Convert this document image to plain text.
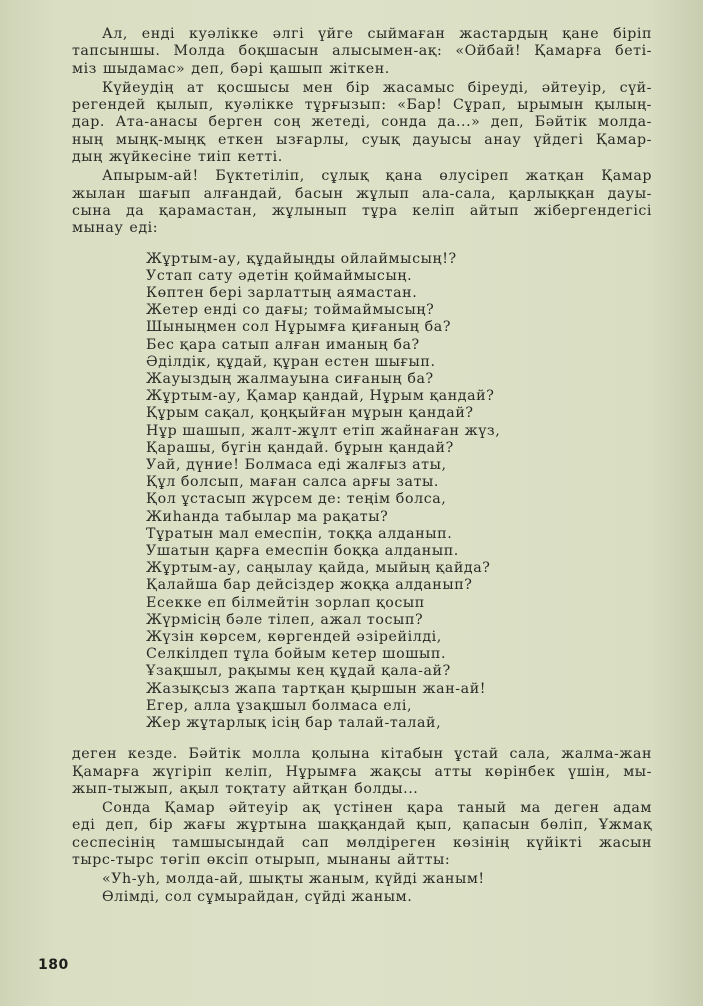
Ал, енді куәлікке әлгі үйге сыймаған жастардың қане біріп
тапсыншы. Молда боқшасын алысымен-ақ: «Ойбай! Қамарға беті-
міз шыдамас» деп, бәрі қашып жіткен.

Күйеудің ат қосшысы мен бір жасамыс біреуді, әйтеуір, сүй-
регендей қылып, куәлікке тұрғызып: «Бар! Сұрап, ырымын қылың-
дар. Ата-анасы берген соң жетеді, сонда да...» деп, Бәйтік молда-
ның мыңқ-мыңқ еткен ызғарлы, суық дауысы анау үйдегі Қамар-
дың жүйкесіне тиіп кетті.

Апырым-ай! Бүктетіліп, сұлық қана өлусіреп жатқан Қамар
жылан шағып алғандай, басын жұлып ала-сала, қарлыққан дауы-
сына да қарамастан, жұлынып тұра келіп айтып жібергендегісі
мынау еді:

Жұртым-ау, құдайыңды ойлаймысың!?
Устап сату әдетін қоймаймысың.
Көптен бері зарлаттың аямастан.
Жетер енді со дағы; тоймаймысың?
Шыныңмен сол Нұрымға қиғаның ба?
Бес қара сатып алған иманың ба?
Әділдік, құдай, құран естен шығып.
Жауыздың жалмауына сиғаның ба?
Жұртым-ау, Қамар қандай, Нұрым қандай?
Құрым сақал, қоңқыйған мұрын қандай?
Нұр шашып, жалт-жұлт етіп жайнаған жүз,
Қарашы, бүгін қандай. бұрын қандай?
Уай, дүние! Болмаса еді жалғыз аты,
Құл болсып, маған салса арғы заты.
Қол ұстасып жүрсем де: теңім болса,
Жиһанда табылар ма рақаты?
Тұратын мал емеспін, тоққа алданып.
Ушатын қарға емеспін боққа алданып.
Жұртым-ау, саңылау қайда, мыйың қайда?
Қалайша бар дейсіздер жоққа алданып?
Есекке еп білмейтін зорлап қосып
Жүрмісің бәле тілеп, ажал тосып?
Жүзін көрсем, көргендей әзірейілді,
Селкілдеп тұла бойым кетер шошып.
Ұзақшыл, рақымы кең құдай қала-ай?
Жазықсыз жапа тартқан қыршын жан-ай!
Егер, алла ұзақшыл болмаса елі,
Жер жұтарлық ісің бар талай-талай,

деген кезде. Бәйтік молла қолына кітабын ұстай сала, жалма-жан
Қамарға жүгіріп келіп, Нұрымға жақсы атты көрінбек үшін, мы-
жып-тыжып, ақыл тоқтату айтқан болды...

Сонда Қамар әйтеуір ақ үстінен қара таный ма деген адам
еді деп, бір жағы жұртына шаққандай қып, қапасын бөліп, Ұжмақ
сеспесінің тамшысындай сап мөлдіреген көзінің күйікті жасын
тырс-тырс төгіп өксіп отырып, мынаны айтты:

«Уһ-уһ, молда-ай, шықты жаным, күйді жаным!
Өлімді, сол сұмырайдан, сүйді жаным.
180
